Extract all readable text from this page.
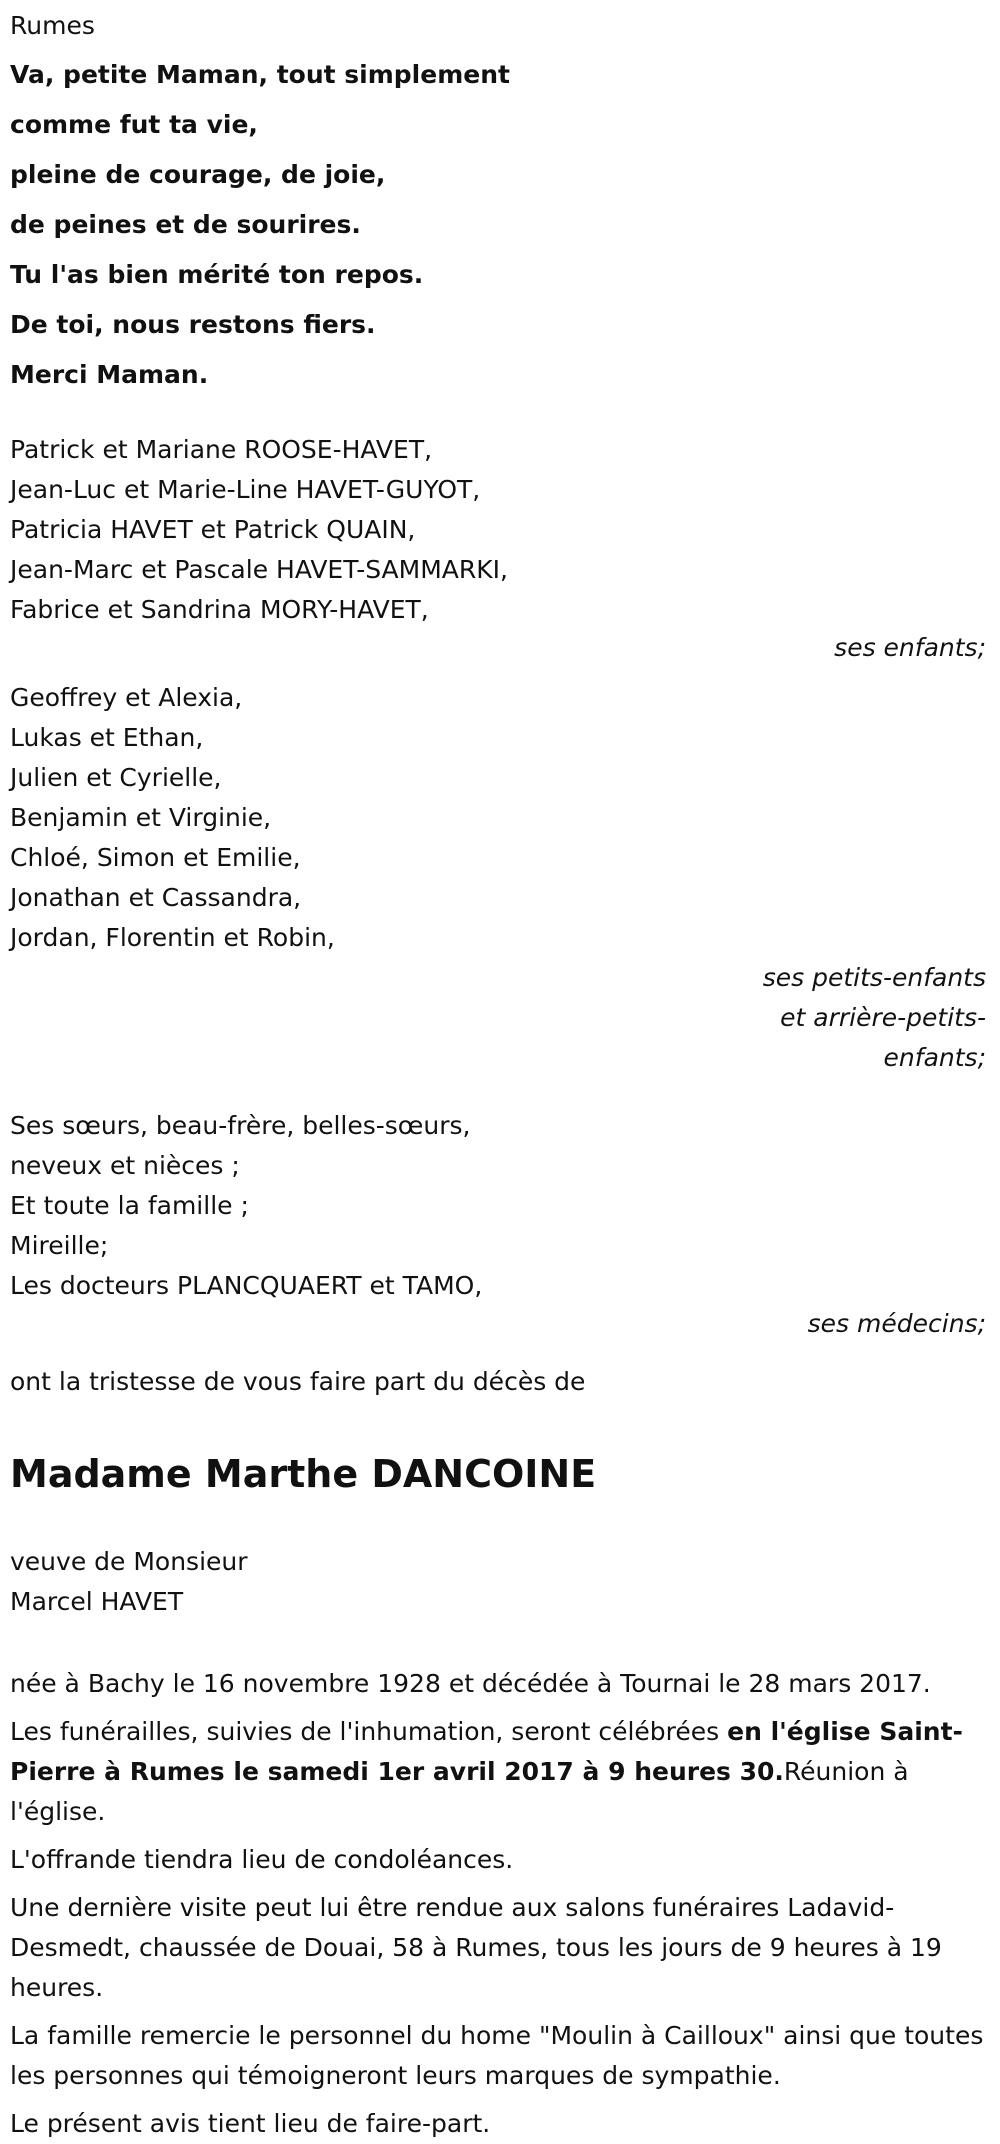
Rumes
Va, petite Maman, tout simplement
comme fut ta vie,
pleine de courage, de joie,
de peines et de sourires.
Tu l'as bien mérité ton repos.
De toi, nous restons fiers.
Merci Maman.
Patrick et Mariane ROOSE-HAVET,
Jean-Luc et Marie-Line HAVET-GUYOT,
Patricia HAVET et Patrick QUAIN,
Jean-Marc et Pascale HAVET-SAMMARKI,
Fabrice et Sandrina MORY-HAVET,
ses enfants;
Geoffrey et Alexia,
Lukas et Ethan,
Julien et Cyrielle,
Benjamin et Virginie,
Chloé, Simon et Emilie,
Jonathan et Cassandra,
Jordan, Florentin et Robin,
ses petits-enfants
et arrière-petits-
enfants;
Ses sœurs, beau-frère, belles-sœurs,
neveux et nièces ;
Et toute la famille ;
Mireille;
Les docteurs PLANCQUAERT et TAMO,
ses médecins;
ont la tristesse de vous faire part du décès de
Madame Marthe DANCOINE
veuve de Monsieur
Marcel HAVET
née à Bachy le 16 novembre 1928 et décédée à Tournai le 28 mars 2017.
Les funérailles, suivies de l'inhumation, seront célébrées en l'église Saint-Pierre à Rumes le samedi 1er avril 2017 à 9 heures 30.Réunion à l'église.
L'offrande tiendra lieu de condoléances.
Une dernière visite peut lui être rendue aux salons funéraires Ladavid-Desmedt, chaussée de Douai, 58 à Rumes, tous les jours de 9 heures à 19 heures.
La famille remercie le personnel du home "Moulin à Cailloux" ainsi que toutes les personnes qui témoigneront leurs marques de sympathie.
Le présent avis tient lieu de faire-part.
